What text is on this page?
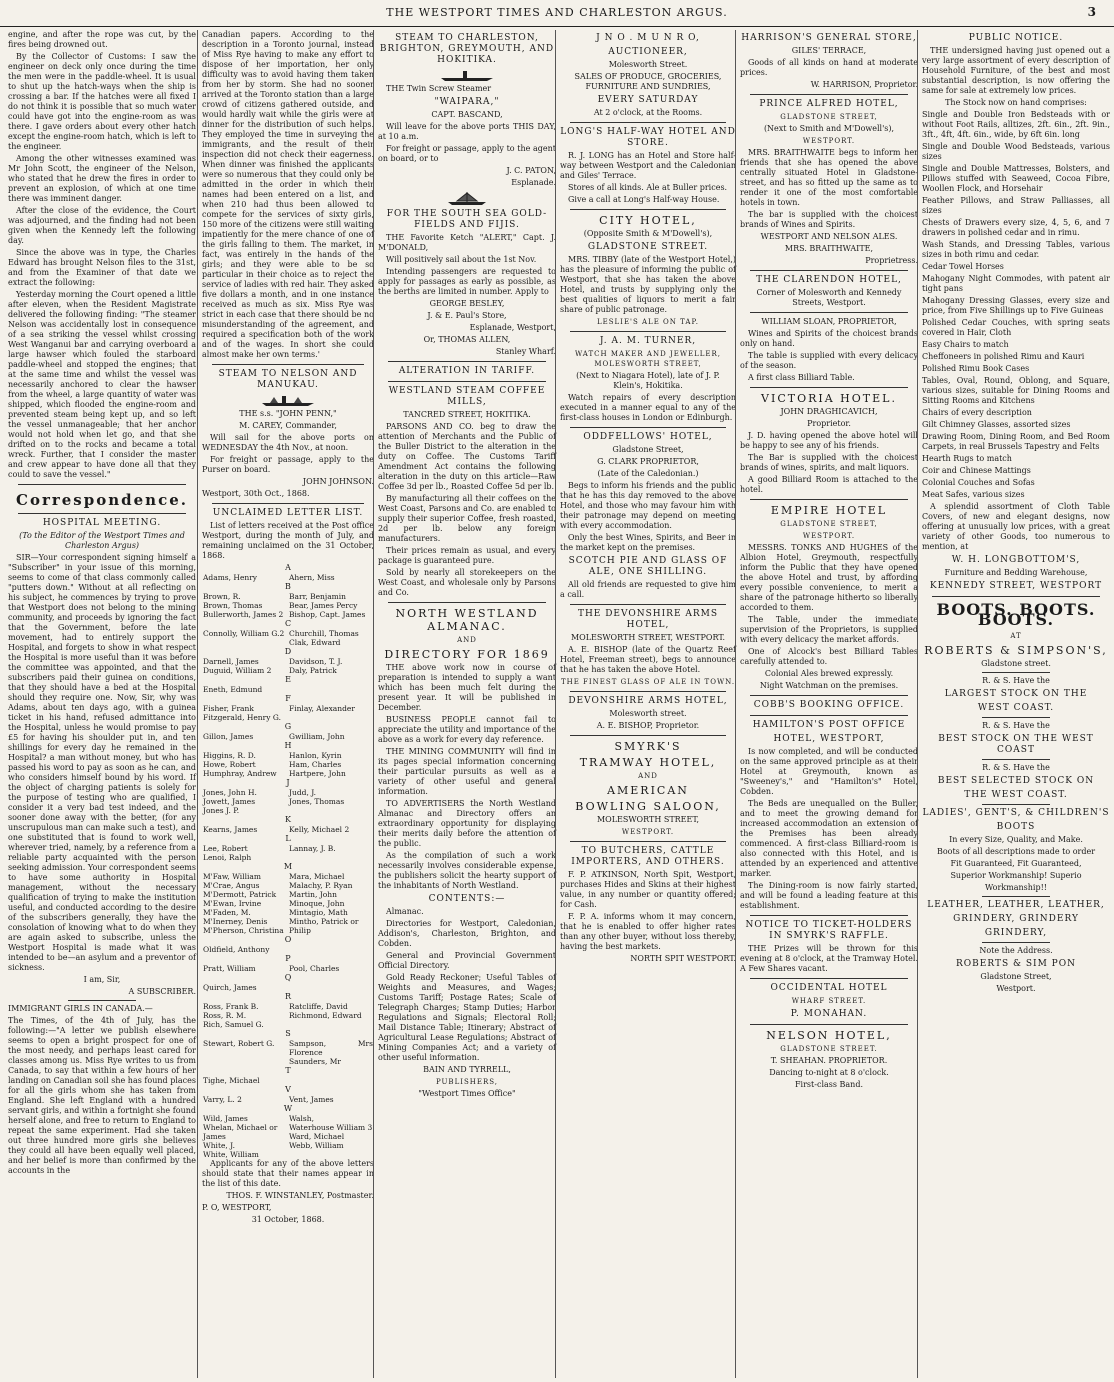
THE WESTPORT TIMES AND CHARLESTON ARGUS.	3

engine, and after the rope was cut, by the fires being drowned out.

By the Collector of Customs: I saw the engineer on deck only once during the time the men were in the paddle-wheel. It is usual to shut up the hatch-ways when the ship is crossing a bar. If the hatches were all fixed I do not think it is possible that so much water could have got into the engine-room as was there. I gave orders about every other hatch except the engine-room hatch, which is left to the engineer.

Among the other witnesses examined was Mr John Scott, the engineer of the Nelson, who stated that he drew the fires in order to prevent an explosion, of which at one time there was imminent danger.

After the close of the evidence, the Court was adjourned, and the finding had not been given when the Kennedy left the following day.

Since the above was in type, the Charles Edward has brought Nelson files to the 31st, and from the Examiner of that date we extract the following:

Yesterday morning the Court opened a little after eleven, when the Resident Magistrate delivered the following finding: "The steamer Nelson was accidentally lost in consequence of a sea striking the vessel whilst crossing West Wanganui bar and carrying overboard a large hawser which fouled the starboard paddle-wheel and stopped the engines; that at the same time and whilst the vessel was necessarily anchored to clear the hawser from the wheel, a large quantity of water was shipped, which flooded the engine-room and prevented steam being kept up, and so left the vessel unmanageable; that her anchor would not hold when let go, and that she drifted on to the rocks and became a total wreck. Further, that I consider the master and crew appear to have done all that they could to save the vessel."

Correspondence.
HOSPITAL MEETING.

(To the Editor of the Westport Times and Charleston Argus)

SIR—Your correspondent signing himself a "Subscriber" in your issue of this morning, seems to come of that class commonly called "putters down." Without at all reflecting on his subject, he commences by trying to prove that Westport does not belong to the mining community, and proceeds by ignoring the fact that the Government, before the late movement, had to entirely support the Hospital, and forgets to show in what respect the Hospital is more useful than it was before the committee was appointed, and that the subscribers paid their guinea on conditions, that they should have a bed at the Hospital should they require one. Now, Sir, why was Adams, about ten days ago, with a guinea ticket in his hand, refused admittance into the Hospital, unless he would promise to pay £5 for having his shoulder put in, and ten shillings for every day he remained in the Hospital? a man without money, but who has passed his word to pay as soon as he can, and who considers himself bound by his word. If the object of charging patients is solely for the purpose of testing who are qualified, I consider it a very bad test indeed, and the sooner done away with the better, (for any unscrupulous man can make such a test), and one substituted that is found to work well, wherever tried, namely, by a reference from a reliable party acquainted with the person seeking admission. Your correspondent seems to have some authority in Hospital management, without the necessary qualification of trying to make the institution useful, and conducted according to the desire of the subscribers generally, they have the consolation of knowing what to do when they are again asked to subscribe, unless the Westport Hospital is made what it was intended to be—an asylum and a preventor of sickness.

I am, Sir,

A SUBSCRIBER.

IMMIGRANT GIRLS IN CANADA.—

The Times, of the 4th of July, has the following:—"A letter we publish elsewhere seems to open a bright prospect for one of the most needy, and perhaps least cared for classes among us. Miss Rye writes to us from Canada, to say that within a few hours of her landing on Canadian soil she has found places for all the girls whom she has taken from England. She left England with a hundred servant girls, and within a fortnight she found herself alone, and free to return to England to repeat the same experiment. Had she taken out three hundred more girls she believes they could all have been equally well placed, and her belief is more than confirmed by the accounts in the

Canadian papers. According to the description in a Toronto journal, instead of Miss Rye having to make any effort to dispose of her importation, her only difficulty was to avoid having them taken from her by storm. She had no sooner arrived at the Toronto station than a large crowd of citizens gathered outside, and would hardly wait while the girls were at dinner for the distribution of such helps. They employed the time in surveying the immigrants, and the result of their inspection did not check their eagerness. When dinner was finished the applicants were so numerous that they could only be admitted in the order in which their names had been entered on a list, and when 210 had thus been allowed to compete for the services of sixty girls, 150 more of the citizens were still waiting impatiently for the mere chance of one of the girls falling to them. The market, in fact, was entirely in the hands of the girls; and they were able to be so particular in their choice as to reject the service of ladies with red hair. They asked five dollars a month, and in one instance received as much as six. Miss Rye was strict in each case that there should be no misunderstanding of the agreement, and required a specification both of the work and of the wages. In short she could almost make her own terms.'

STEAM TO NELSON AND MANUKAU.

THE s.s. "JOHN PENN,"

M. CAREY, Commander,

Will sail for the above ports on WEDNESDAY the 4th Nov., at noon.

For freight or passage, apply to the Purser on board.

JOHN JOHNSON.

Westport, 30th Oct., 1868.

UNCLAIMED LETTER LIST.

List of letters received at the Post office Westport, during the month of July, and remaining unclaimed on the 31 October, 1868.

A
Adams, Henry	Ahern, Miss
B
Brown, R.	Barr, Benjamin
Brown, Thomas	Bear, James Percy
Bullerworth, James 2	Bishop, Capt. James
C
Connolly, William G.2	Churchill, Thomas
	Clak, Edward
D
Darnell, James	Davidson, T. J.
Duguid, William 2	Daly, Patrick
E
Eneth, Edmund	
F
Fisher, Frank	Finlay, Alexander
Fitzgerald, Henry G.	
G
Gillon, James	Gwilliam, John
H
Higgins, R. D.	Hanlon, Kyrin
Howe, Robert	Ham, Charles
Humphray, Andrew	Hartpere, John
J
Jones, John H.	Judd, J.
Jowett, James	Jones, Thomas
Jones J. P.	
K
Kearns, James	Kelly, Michael 2
L
Lee, Robert	Lannay, J. B.
Lenoi, Ralph	
M
M'Faw, William	Mara, Michael
M'Crae, Angus	Malachy, P. Ryan
M'Dermott, Patrick	Martin, John
M'Ewan, Irvine	Minoque, John
M'Faden, M.	Mintagio, Math
M'Inerney, Denis	Mintho, Patrick or
M'Pherson, Christina	Philip
O
Oldfield, Anthony	
P
Pratt, William	Pool, Charles
Q
Quirch, James	
R
Ross, Frank B.	Ratcliffe, David
Ross, R. M.	Richmond, Edward
Rich, Samuel G.	
S
Stewart, Robert G.	Sampson, Mrs Florence
	Saunders, Mr
T
Tighe, Michael	
V
Varry, L. 2	Vent, James
W
Wild, James	Walsh,
Whelan, Michael or	Waterhouse William 3
James	Ward, Michael
White, J.	Webb, William
White, William	

Applicants for any of the above letters should state that their names appear in the list of this date.

THOS. F. WINSTANLEY, Postmaster.

P. O, WESTPORT,

31 October, 1868.

STEAM TO CHARLESTON, BRIGHTON, GREYMOUTH, AND HOKITIKA.

THE Twin Screw Steamer

"WAIPARA,"

CAPT. BASCAND,

Will leave for the above ports THIS DAY, at 10 a.m.

For freight or passage, apply to the agent on board, or to

J. C. PATON,

Esplanade.

FOR THE SOUTH SEA GOLD-FIELDS AND FIJIS.

THE Favorite Ketch "ALERT," Capt. J. M'DONALD,

Will positively sail about the 1st Nov.

Intending passengers are requested to apply for passages as early as possible, as the berths are limited in number. Apply to

GEORGE BESLEY,

J. & E. Paul's Store,

Esplanade, Westport,

Or, THOMAS ALLEN,

Stanley Wharf.

ALTERATION IN TARIFF.
WESTLAND STEAM COFFEE MILLS,

TANCRED STREET, HOKITIKA.

PARSONS AND CO. beg to draw the attention of Merchants and the Public of the Buller District to the alteration in the duty on Coffee. The Customs Tariff Amendment Act contains the following alteration in the duty on this article—Raw Coffee 3d per lb., Roasted Coffee 5d per lb.

By manufacturing all their coffees on the West Coast, Parsons and Co. are enabled to supply their superior Coffee, fresh roasted, 2d per lb. below any foreign manufacturers.

Their prices remain as usual, and every package is guaranteed pure.

Sold by nearly all storekeepers on the West Coast, and wholesale only by Parsons and Co.

NORTH WESTLAND ALMANAC.

AND

DIRECTORY FOR 1869

THE above work now in course of preparation is intended to supply a want which has been much felt during the present year. It will be published in December.

BUSINESS PEOPLE cannot fail to appreciate the utility and importance of the above as a work for every day reference.

THE MINING COMMUNITY will find in its pages special information concerning their particular pursuits as well as a variety of other useful and general information.

TO ADVERTISERS the North Westland Almanac and Directory offers an extraordinary opportunity for displaying their merits daily before the attention of the public.

As the compilation of such a work necessarily involves considerable expense, the publishers solicit the hearty support of the inhabitants of North Westland.

CONTENTS:—

Almanac.

Directories for Westport, Caledonian, Addison's, Charleston, Brighton, and Cobden.

General and Provincial Government Official Directory.

Gold Ready Reckoner; Useful Tables of Weights and Measures, and Wages; Customs Tariff; Postage Rates; Scale of Telegraph Charges; Stamp Duties; Harbor Regulations and Signals; Electoral Roll; Mail Distance Table; Itinerary; Abstract of Agricultural Lease Regulations; Abstract of Mining Companies Act; and a variety of other useful information.

BAIN AND TYRRELL,

PUBLISHERS,

"Westport Times Office"

J N O . M U N R O,
AUCTIONEER,

Molesworth Street.

SALES OF PRODUCE, GROCERIES, FURNITURE AND SUNDRIES,

EVERY SATURDAY

At 2 o'clock, at the Rooms.

LONG'S HALF-WAY HOTEL AND STORE.

R. J. LONG has an Hotel and Store half-way between Westport and the Caledonian and Giles' Terrace.

Stores of all kinds. Ale at Buller prices.

Give a call at Long's Half-way House.

CITY HOTEL,

(Opposite Smith & M'Dowell's),

GLADSTONE STREET.

MRS. TIBBY (late of the Westport Hotel,) has the pleasure of informing the public of Westport, that she has taken the above Hotel, and trusts by supplying only the best qualities of liquors to merit a fair share of public patronage.

LESLIE'S ALE ON TAP.

J. A. M. TURNER,

WATCH MAKER AND JEWELLER, MOLESWORTH STREET,

(Next to Niagara Hotel), late of J. P. Klein's, Hokitika.

Watch repairs of every description executed in a manner equal to any of the first-class houses in London or Edinburgh.

ODDFELLOWS' HOTEL,

Gladstone Street,

G. CLARK PROPRIETOR,

(Late of the Caledonian.)

Begs to inform his friends and the public that he has this day removed to the above Hotel, and those who may favour him with their patronage may depend on meeting with every accommodation.

Only the best Wines, Spirits, and Beer in the market kept on the premises.

SCOTCH PIE AND GLASS OF ALE, ONE SHILLING.

All old friends are requested to give him a call.

THE DEVONSHIRE ARMS HOTEL,

MOLESWORTH STREET, WESTPORT.

A. E. BISHOP (late of the Quartz Reef Hotel, Freeman street), begs to announce that he has taken the above Hotel.

THE FINEST GLASS OF ALE IN TOWN.

DEVONSHIRE ARMS HOTEL,

Molesworth street.

A. E. BISHOP, Proprietor.

SMYRK'S
TRAMWAY HOTEL,

AND

AMERICAN
BOWLING SALOON,

MOLESWORTH STREET,

WESTPORT.

TO BUTCHERS, CATTLE IMPORTERS, AND OTHERS.

F. P. ATKINSON, North Spit, Westport, purchases Hides and Skins at their highest value, in any number or quantity offered; for Cash.

F. P. A. informs whom it may concern, that he is enabled to offer higher rates than any other buyer, without loss thereby, having the best markets.

NORTH SPIT WESTPORT.

HARRISON'S GENERAL STORE,

GILES' TERRACE,

Goods of all kinds on hand at moderate prices.

W. HARRISON, Proprietor.

PRINCE ALFRED HOTEL,

GLADSTONE STREET,

(Next to Smith and M'Dowell's),

WESTPORT.

MRS. BRAITHWAITE begs to inform her friends that she has opened the above centrally situated Hotel in Gladstone-street, and has so fitted up the same as to render it one of the most comfortable hotels in town.

The bar is supplied with the choicest brands of Wines and Spirits.

WESTPORT AND NELSON ALES.

MRS. BRAITHWAITE,

Proprietress.

THE CLARENDON HOTEL,

Corner of Molesworth and Kennedy Streets, Westport.

WILLIAM SLOAN, PROPRIETOR,

Wines and Spirits of the choicest brands only on hand.

The table is supplied with every delicacy of the season.

A first class Billiard Table.

VICTORIA HOTEL.

JOHN DRAGHICAVICH,

Proprietor.

J. D. having opened the above hotel will be happy to see any of his friends.

The Bar is supplied with the choicest brands of wines, spirits, and malt liquors.

A good Billiard Room is attached to the hotel.

EMPIRE HOTEL

GLADSTONE STREET,

WESTPORT.

MESSRS. TONKS AND HUGHES of the Albion Hotel, Greymouth, respectfully inform the Public that they have opened the above Hotel and trust, by affording every possible convenience, to merit a share of the patronage hitherto so liberally accorded to them.

The Table, under the immediate supervision of the Proprietors, is supplied with every delicacy the market affords.

One of Alcock's best Billiard Tables carefully attended to.

Colonial Ales brewed expressly.

Night Watchman on the premises.

COBB'S BOOKING OFFICE.
HAMILTON'S POST OFFICE
HOTEL, WESTPORT,

Is now completed, and will be conducted on the same approved principle as at their Hotel at Greymouth, known as "Sweeney's," and "Hamilton's" Hotel, Cobden.

The Beds are unequalled on the Buller, and to meet the growing demand for increased accommodation an extension of the Premises has been already commenced. A first-class Billiard-room is also connected with this Hotel, and is attended by an experienced and attentive marker.

The Dining-room is now fairly started, and will be found a leading feature at this establishment.

NOTICE TO TICKET-HOLDERS IN SMYRK'S RAFFLE.

THE Prizes will be thrown for this evening at 8 o'clock, at the Tramway Hotel. A Few Shares vacant.

OCCIDENTAL HOTEL

WHARF STREET.

P. MONAHAN.
NELSON HOTEL,

GLADSTONE STREET.

T. SHEAHAN. PROPRIETOR.

Dancing to-night at 8 o'clock.

First-class Band.

PUBLIC NOTICE.

THE undersigned having just opened out a very large assortment of every description of Household Furniture, of the best and most substantial description, is now offering the same for sale at extremely low prices.

The Stock now on hand comprises:

Single and Double Iron Bedsteads with or without Foot Rails, alltizes, 2ft. 6in., 2ft. 9in., 3ft., 4ft, 4ft. 6in., wide, by 6ft 6in. long

Single and Double Wood Bedsteads, various sizes

Single and Double Mattresses, Bolsters, and Pillows stuffed with Seaweed, Cocoa Fibre, Woollen Flock, and Horsehair

Feather Pillows, and Straw Palliasses, all sizes

Chests of Drawers every size, 4, 5, 6, and 7 drawers in polished cedar and in rimu.

Wash Stands, and Dressing Tables, various sizes in both rimu and cedar.

Cedar Towel Horses

Mahogany Night Commodes, with patent air tight pans

Mahogany Dressing Glasses, every size and price, from Five Shillings up to Five Guineas

Polished Cedar Couches, with spring seats covered in Hair, Cloth

Easy Chairs to match

Cheffoneers in polished Rimu and Kauri

Polished Rimu Book Cases

Tables, Oval, Round, Oblong, and Square, various sizes, suitable for Dining Rooms and Sitting Rooms and Kitchens

Chairs of every description

Gilt Chimney Glasses, assorted sizes

Drawing Room, Dining Room, and Bed Room Carpets, in real Brussels Tapestry and Felts

Hearth Rugs to match

Coir and Chinese Mattings

Colonial Couches and Sofas

Meat Safes, various sizes

A splendid assortment of Cloth Table Covers, of new and elegant designs, now offering at unusually low prices, with a great variety of other Goods, too numerous to mention, at

W. H. LONGBOTTOM'S,

Furniture and Bedding Warehouse,

KENNEDY STREET, WESTPORT
BOOTS. BOOTS. BOOTS.

AT

ROBERTS & SIMPSON'S,

Gladstone street.

R. & S. Have the

LARGEST STOCK ON THE
WEST COAST.

R. & S. Have the

BEST STOCK ON THE WEST COAST

R. & S. Have the

BEST SELECTED STOCK ON
THE WEST COAST.
LADIES', GENT'S, & CHILDREN'S
BOOTS

In every Size, Quality, and Make.

Boots of all descriptions made to order

Fit Guaranteed, Fit Guaranteed,

Superior Workmanship! Superio

Workmanship!!

LEATHER, LEATHER, LEATHER,
GRINDERY, GRINDERY
GRINDERY,

Note the Address.

ROBERTS & SIM PON

Gladstone Street,

Westport.
